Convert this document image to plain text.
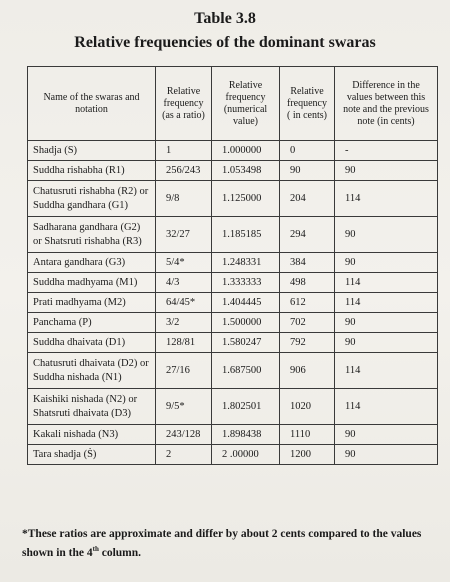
Table 3.8
Relative frequencies of the dominant swaras
Name of the swaras and notation	Relative frequency (as a ratio)	Relative frequency (numerical value)	Relative frequency ( in cents)	Difference in the values between this note and the previous note (in cents)
Shadja (S)	1	1.000000	0	-
Suddha rishabha (R1)	256/243	1.053498	90	90
Chatusruti rishabha (R2) or Suddha gandhara (G1)	9/8	1.125000	204	114
Sadharana gandhara (G2) or Shatsruti rishabha (R3)	32/27	1.185185	294	90
Antara gandhara (G3)	5/4*	1.248331	384	90
Suddha madhyama (M1)	4/3	1.333333	498	114
Prati madhyama (M2)	64/45*	1.404445	612	114
Panchama (P)	3/2	1.500000	702	90
Suddha dhaivata (D1)	128/81	1.580247	792	90
Chatusruti dhaivata (D2) or Suddha nishada (N1)	27/16	1.687500	906	114
Kaishiki nishada (N2) or Shatsruti dhaivata (D3)	9/5*	1.802501	1020	114
Kakali nishada (N3)	243/128	1.898438	1110	90
Tara shadja (Ṡ)	2	2 .00000	1200	90
*These ratios are approximate and differ by about 2 cents compared to the values shown in the 4th column.
